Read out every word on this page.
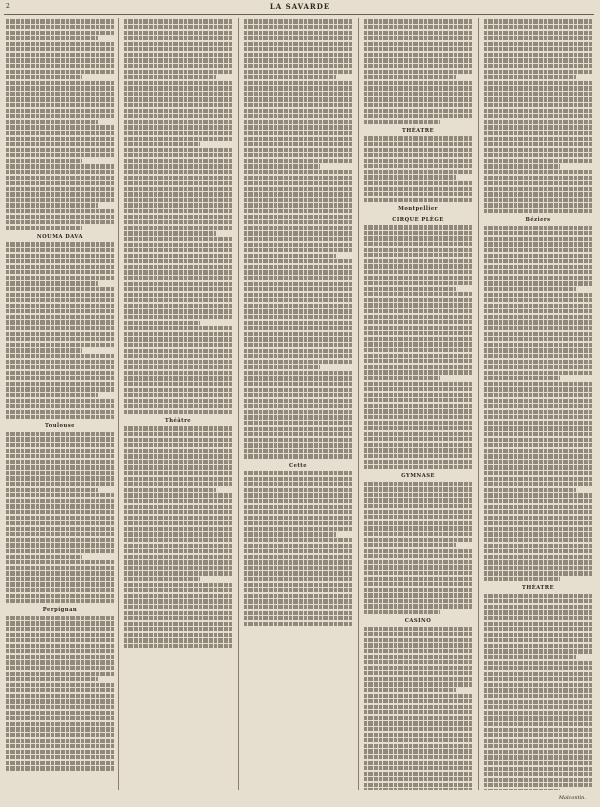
2	LA SAVARDE
NOUMA DAVA
Toulouse
Perpignan
Théâtre
Cette
THÉATRE
Montpellier
CIRQUE PLÈGE
GYMNASE
CASINO
Béziers
THÉATRE
Malcontin.
